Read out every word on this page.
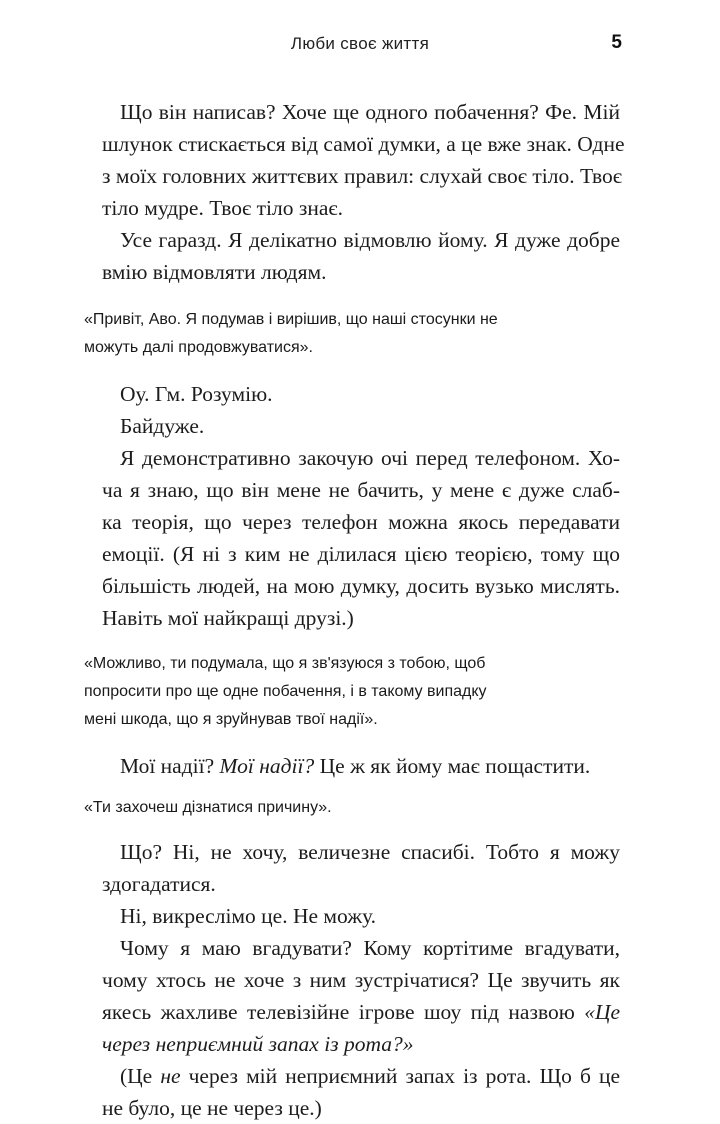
Люби своє життя	5
Що він написав? Хоче ще одного побачення? Фе. Мій
шлунок стискається від самої думки, а це вже знак. Одне
з моїх головних життєвих правил: слухай своє тіло. Твоє
тіло мудре. Твоє тіло знає.
Усе гаразд. Я делікатно відмовлю йому. Я дуже добре
вмію відмовляти людям.
«Привіт, Аво. Я подумав і вирішив, що наші стосунки не
можуть далі продовжуватися».
Оу. Гм. Розумію.
Байдуже.
Я демонстративно закочую очі перед телефоном. Хо-
ча я знаю, що він мене не бачить, у мене є дуже слаб-
ка теорія, що через телефон можна якось передавати
емоції. (Я ні з ким не ділилася цією теорією, тому що
більшість людей, на мою думку, досить вузько мислять.
Навіть мої найкращі друзі.)
«Можливо, ти подумала, що я зв'язуюся з тобою, щоб
попросити про ще одне побачення, і в такому випадку
мені шкода, що я зруйнував твої надії».
Мої надії? Мої надії? Це ж як йому має пощастити.
«Ти захочеш дізнатися причину».
Що? Ні, не хочу, величезне спасибі. Тобто я можу
здогадатися.
Ні, викреслімо це. Не можу.
Чому я маю вгадувати? Кому кортітиме вгадувати,
чому хтось не хоче з ним зустрічатися? Це звучить як
якесь жахливе телевізійне ігрове шоу під назвою «Це
через неприємний запах із рота?»
(Це не через мій неприємний запах із рота. Що б це
не було, це не через це.)
